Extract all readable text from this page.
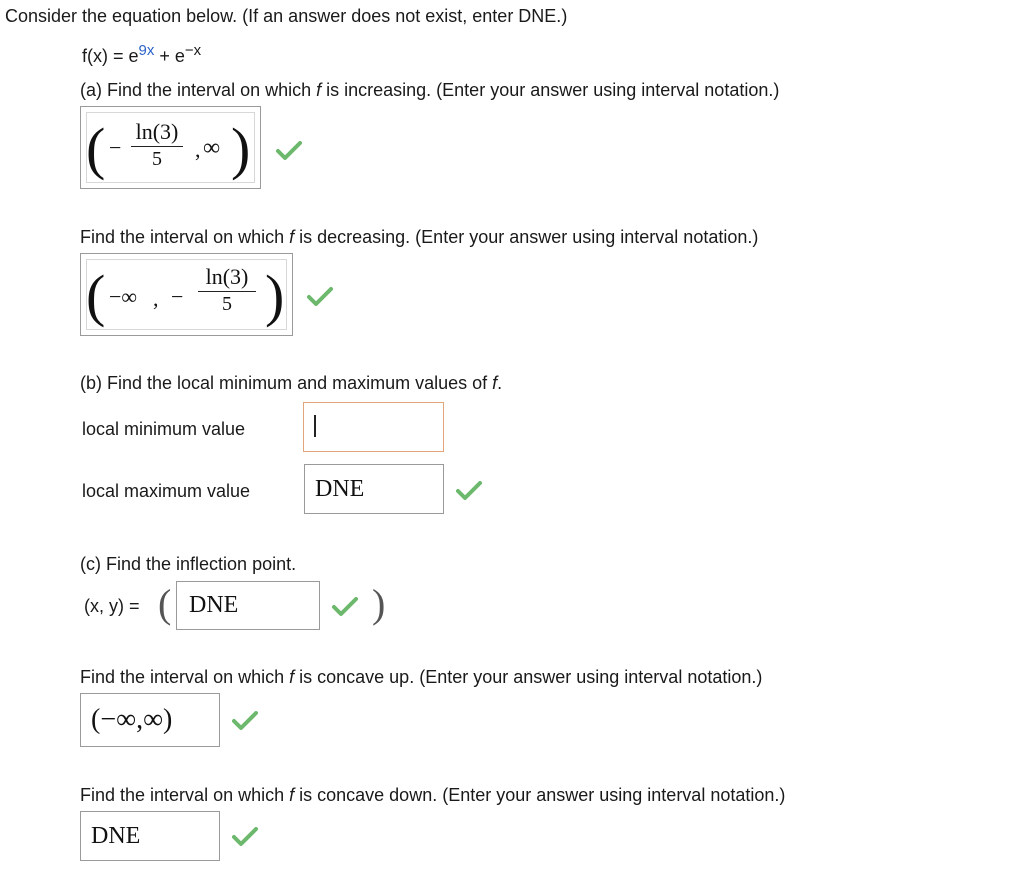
Consider the equation below. (If an answer does not exist, enter DNE.)
$f(x) = e^{9x} + e^{-x}$
(a) Find the interval on which f is increasing. (Enter your answer using interval notation.)
( −
ln(3)
5	, ∞ )
Find the interval on which f is decreasing. (Enter your answer using interval notation.)
( −∞ , −
ln(3)
5 )
(b) Find the local minimum and maximum values of f.
local minimum value
local maximum value	DNE
(c) Find the inflection point.
(x, y) = ( DNE	)
Find the interval on which f is concave up. (Enter your answer using interval notation.)
(−∞,∞)
Find the interval on which f is concave down. (Enter your answer using interval notation.)
DNE
